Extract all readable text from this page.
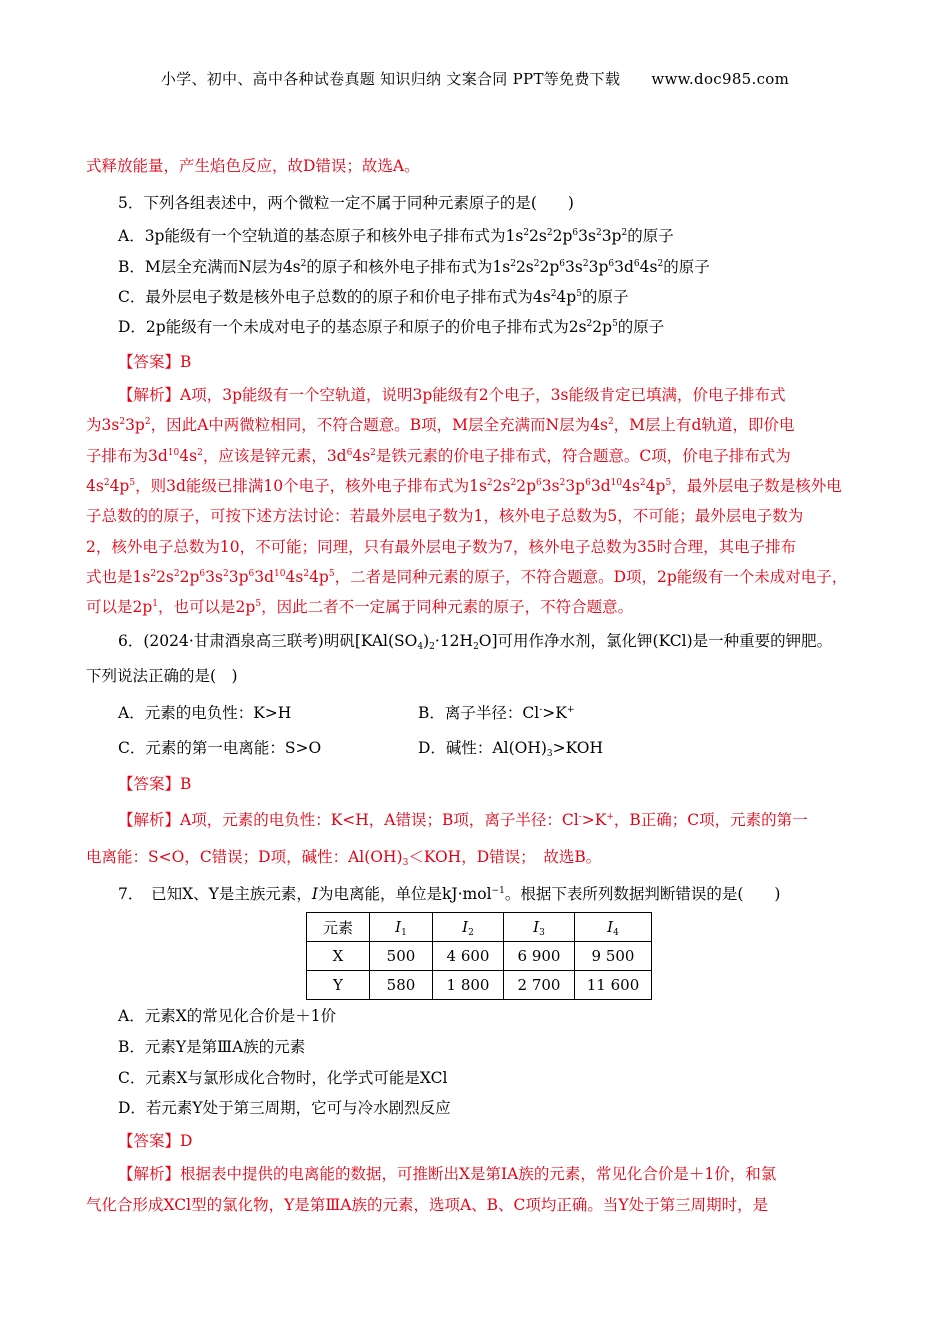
小学、初中、高中各种试卷真题 知识归纳 文案合同 PPT等免费下载 www.doc985.com
式释放能量，产生焰色反应，故D错误；故选A。
5．下列各组表述中，两个微粒一定不属于同种元素原子的是(　　)
A．3p能级有一个空轨道的基态原子和核外电子排布式为$1s^22s^22p^63s^23p^2$的原子
B．M层全充满而N层为$4s^2$的原子和核外电子排布式为$1s^22s^22p^63s^23p^63d^64s^2$的原子
C．最外层电子数是核外电子总数的的原子和价电子排布式为$4s^24p^5$的原子
D．2p能级有一个未成对电子的基态原子和原子的价电子排布式为$2s^22p^5$的原子
【答案】B
【解析】A项，3p能级有一个空轨道，说明3p能级有2个电子，3s能级肯定已填满，价电子排布式
为$3s^23p^2$，因此A中两微粒相同，不符合题意。B项，M层全充满而N层为$4s^2$，M层上有d轨道，即价电
子排布为$3d^{10}4s^2$，应该是锌元素，$3d^64s^2$是铁元素的价电子排布式，符合题意。C项，价电子排布式为
$4s^24p^5$，则3d能级已排满10个电子，核外电子排布式为$1s^22s^22p^63s^23p^63d^{10}4s^24p^5$，最外层电子数是核外电
子总数的的原子，可按下述方法讨论：若最外层电子数为1，核外电子总数为5，不可能；最外层电子数为
2，核外电子总数为10，不可能；同理，只有最外层电子数为7，核外电子总数为35时合理，其电子排布
式也是$1s^22s^22p^63s^23p^63d^{10}4s^24p^5$，二者是同种元素的原子，不符合题意。D项，2p能级有一个未成对电子，
可以是$2p^1$，也可以是$2p^5$，因此二者不一定属于同种元素的原子，不符合题意。
6．(2024·甘肃酒泉高三联考)明矾$[KAl(SO_4)_2\cdot 12H_2O]$可用作净水剂，氯化钾(KCl)是一种重要的钾肥。
下列说法正确的是(　)
A．元素的电负性：K>H	B．离子半径：Cl->K+
C．元素的第一电离能：S>O	D．碱性：$Al(OH)_3>KOH$
【答案】B
【解析】A项，元素的电负性：K<H，A错误；B项，离子半径：Cl->K+，B正确；C项，元素的第一
电离能：S<O，C错误；D项，碱性：$Al(OH)_3<KOH$，D错误；　故选B。
7．　已知X、Y是主族元素，I为电离能，单位是kJ·mol$^{-1}$。根据下表所列数据判断错误的是(　　)
元素	$I_1$	$I_2$	$I_3$	$I_4$
X	500	4 600	6 900	9 500
Y	580	1 800	2 700	11 600
A．元素X的常见化合价是＋1价
B．元素Y是第ⅢA族的元素
C．元素X与氯形成化合物时，化学式可能是XCl
D．若元素Y处于第三周期，它可与冷水剧烈反应
【答案】D
【解析】根据表中提供的电离能的数据，可推断出X是第ⅠA族的元素，常见化合价是＋1价，和氯
气化合形成XCl型的氯化物，Y是第ⅢA族的元素，选项A、B、C项均正确。当Y处于第三周期时，是
